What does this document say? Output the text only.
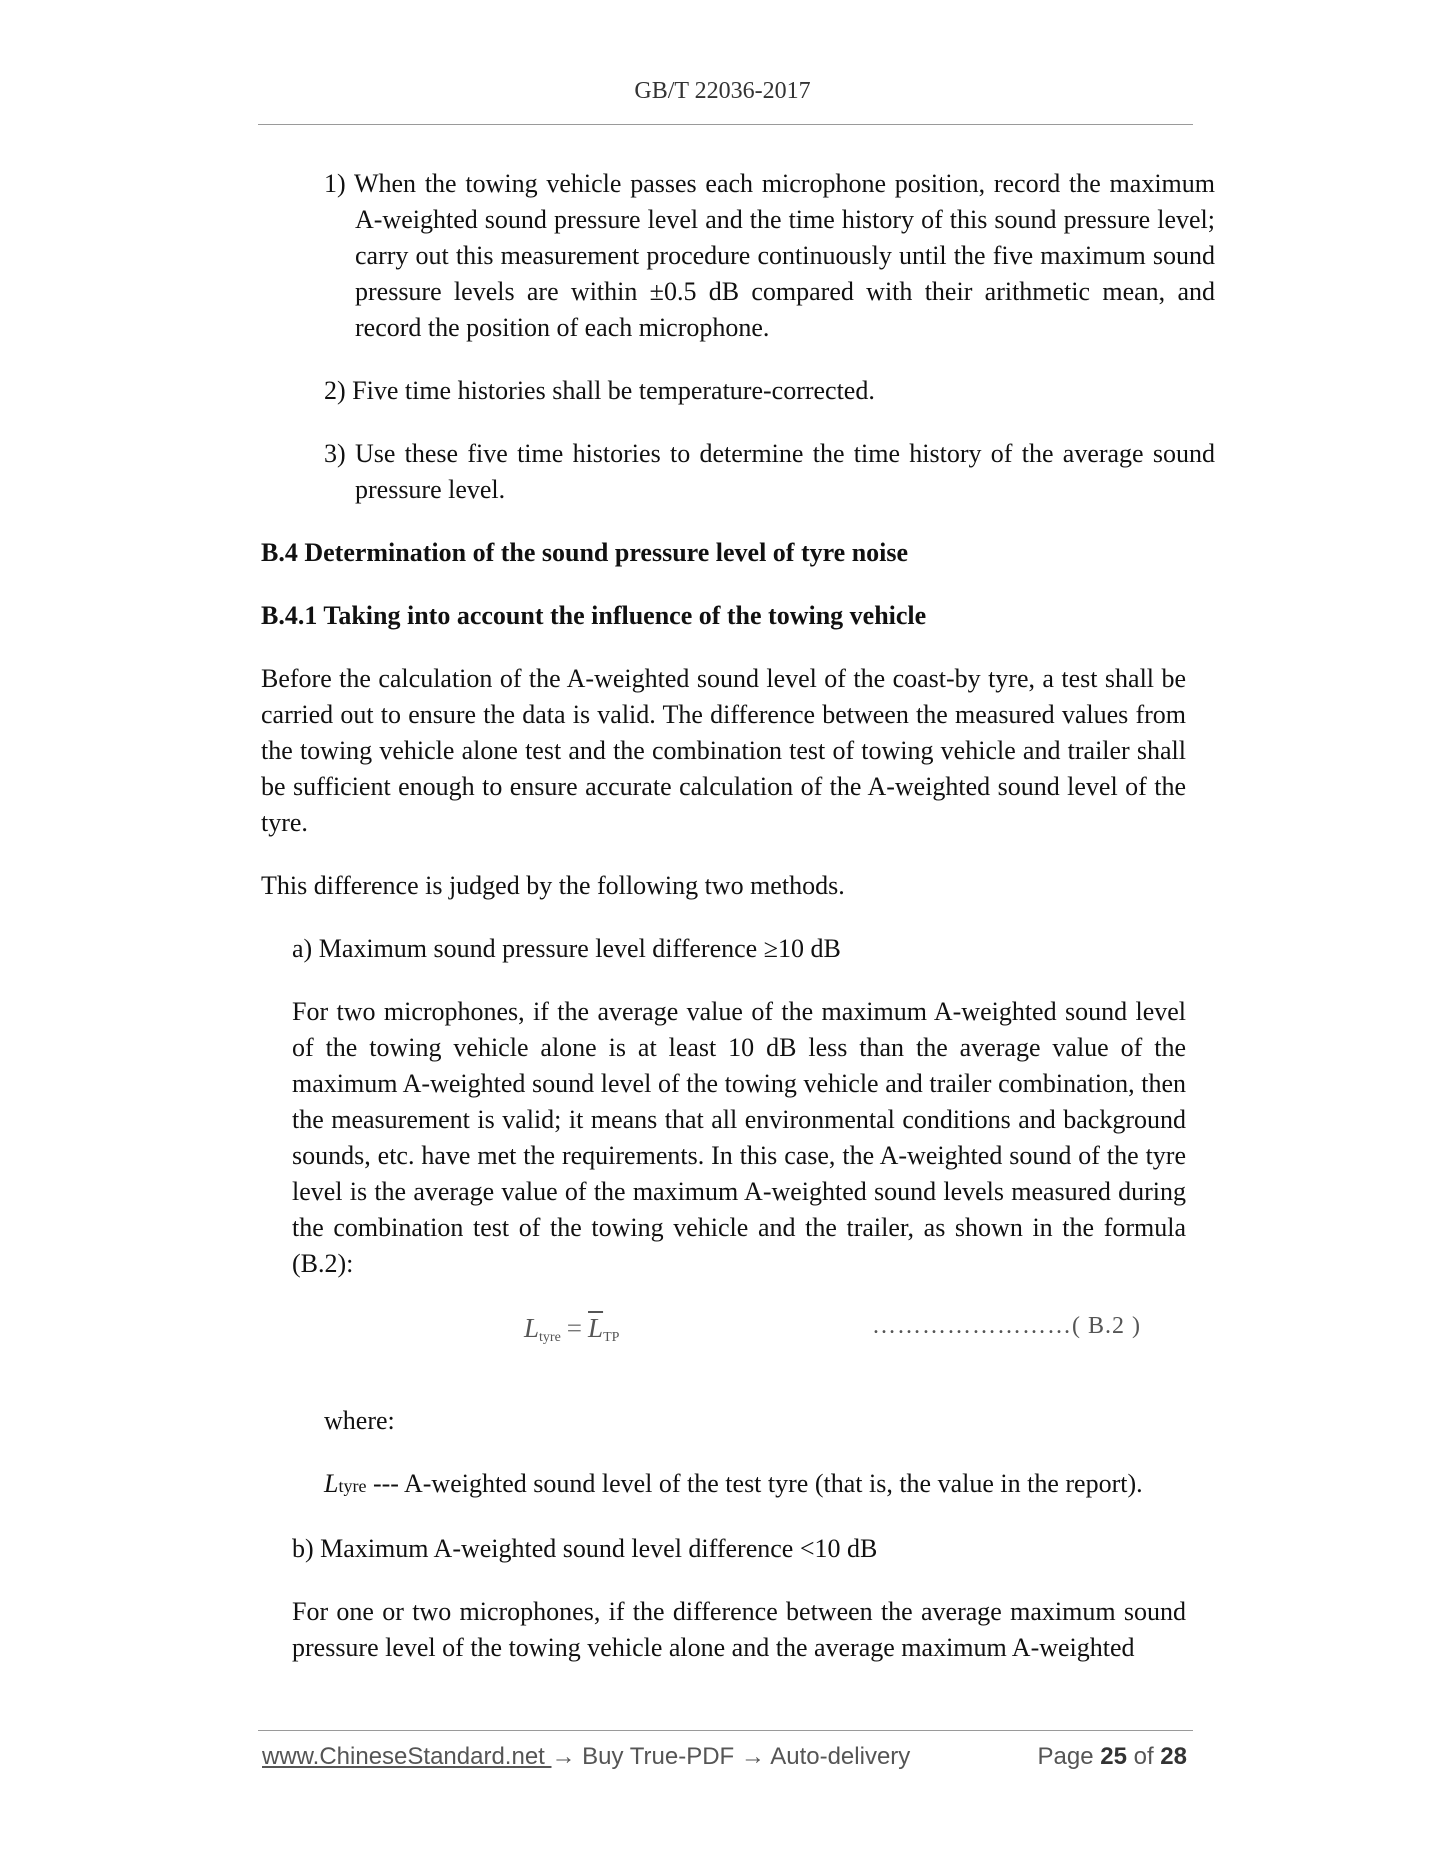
GB/T 22036-2017

1) When the towing vehicle passes each microphone position, record the maximum A-weighted sound pressure level and the time history of this sound pressure level; carry out this measurement procedure continuously until the five maximum sound pressure levels are within ±0.5 dB compared with their arithmetic mean, and record the position of each microphone.

2) Five time histories shall be temperature-corrected.

3) Use these five time histories to determine the time history of the average sound pressure level.

B.4 Determination of the sound pressure level of tyre noise

B.4.1 Taking into account the influence of the towing vehicle

Before the calculation of the A-weighted sound level of the coast-by tyre, a test shall be carried out to ensure the data is valid. The difference between the measured values from the towing vehicle alone test and the combination test of towing vehicle and trailer shall be sufficient enough to ensure accurate calculation of the A-weighted sound level of the tyre.

This difference is judged by the following two methods.

a) Maximum sound pressure level difference ≥10 dB

For two microphones, if the average value of the maximum A-weighted sound level of the towing vehicle alone is at least 10 dB less than the average value of the maximum A-weighted sound level of the towing vehicle and trailer combination, then the measurement is valid; it means that all environmental conditions and background sounds, etc. have met the requirements. In this case, the A-weighted sound of the tyre level is the average value of the maximum A-weighted sound levels measured during the combination test of the towing vehicle and the trailer, as shown in the formula (B.2):

$L_{tyre} = \overline{L}_{TP}$	……………………( B.2 )

where:

Ltyre --- A-weighted sound level of the test tyre (that is, the value in the report).

b) Maximum A-weighted sound level difference <10 dB

For one or two microphones, if the difference between the average maximum sound pressure level of the towing vehicle alone and the average maximum A-weighted

www.ChineseStandard.net → Buy True-PDF → Auto-delivery	Page 25 of 28
